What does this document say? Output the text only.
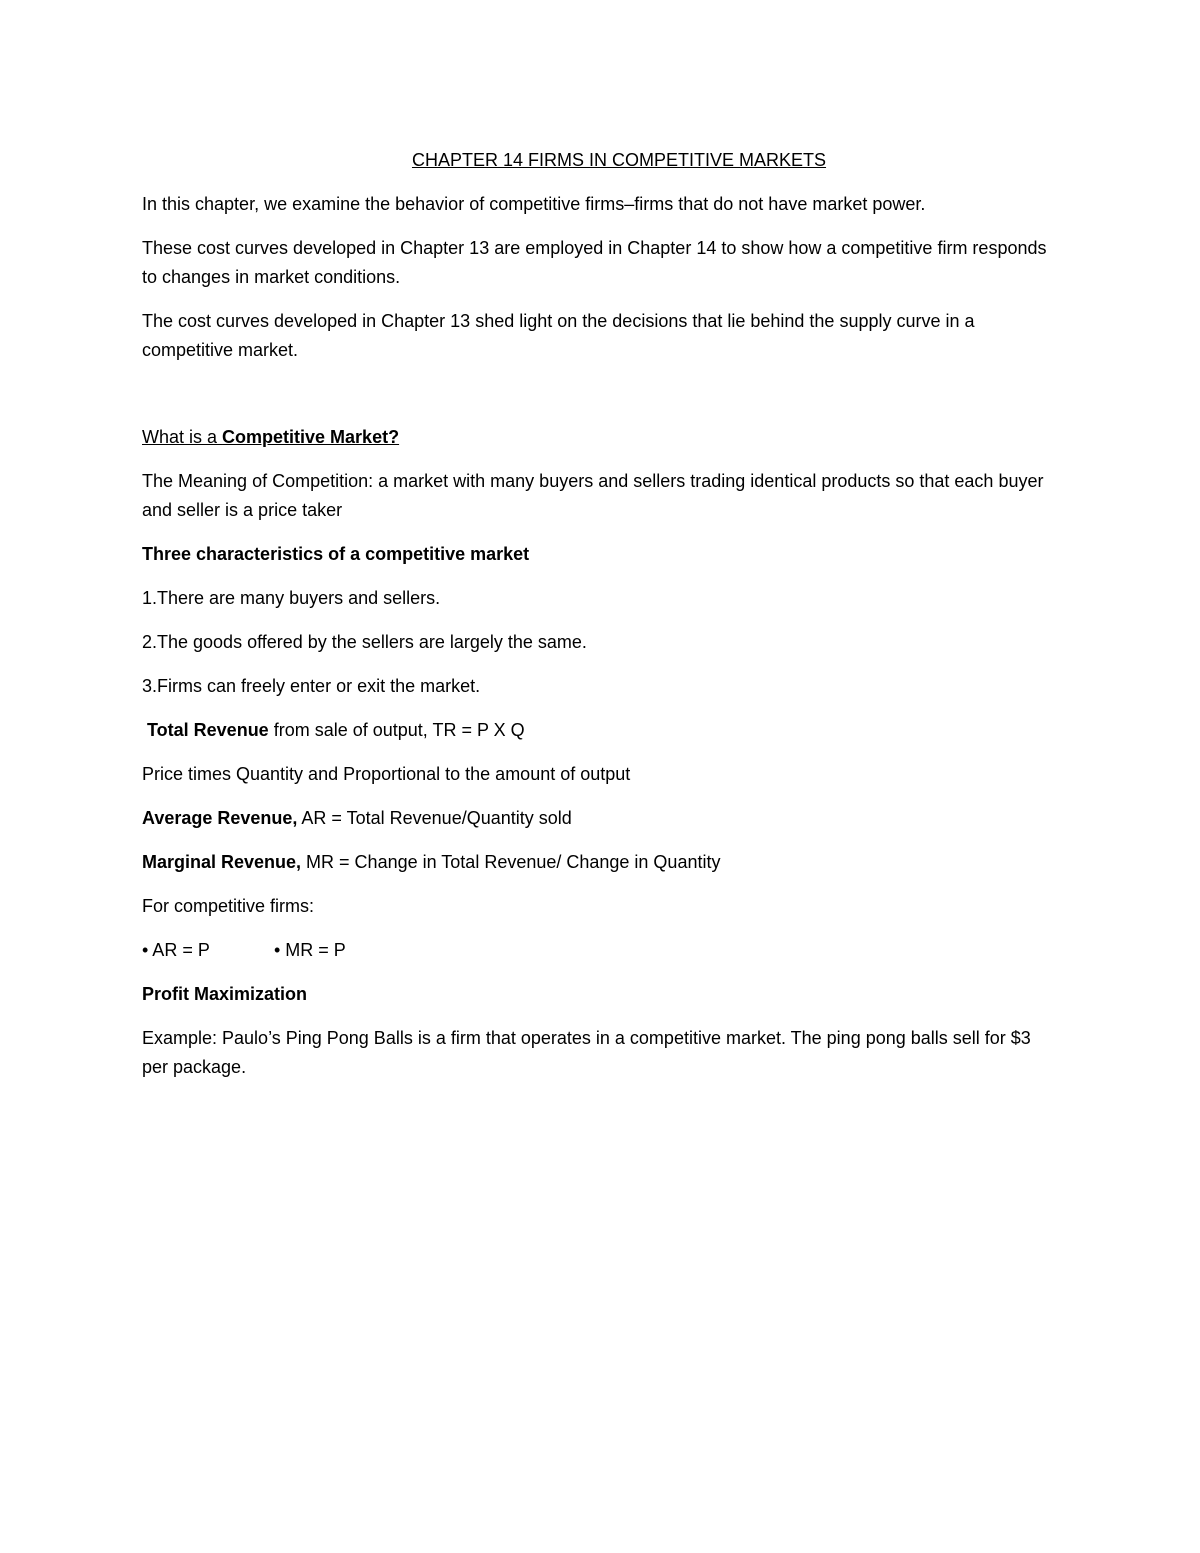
CHAPTER 14 FIRMS IN COMPETITIVE MARKETS

In this chapter, we examine the behavior of competitive firms–firms that do not have market power.

These cost curves developed in Chapter 13 are employed in Chapter 14 to show how a competitive firm responds to changes in market conditions.

The cost curves developed in Chapter 13 shed light on the decisions that lie behind the supply curve in a competitive market.

What is a Competitive Market?

The Meaning of Competition: a market with many buyers and sellers trading identical products so that each buyer and seller is a price taker

Three characteristics of a competitive market

1.There are many buyers and sellers.

2.The goods offered by the sellers are largely the same.

3.Firms can freely enter or exit the market.

Total Revenue from sale of output, TR = P X Q

Price times Quantity and Proportional to the amount of output

Average Revenue, AR = Total Revenue/Quantity sold

Marginal Revenue, MR = Change in Total Revenue/ Change in Quantity

For competitive firms:

• AR = P	• MR = P

Profit Maximization

Example: Paulo’s Ping Pong Balls is a firm that operates in a competitive market. The ping pong balls sell for $3 per package.
